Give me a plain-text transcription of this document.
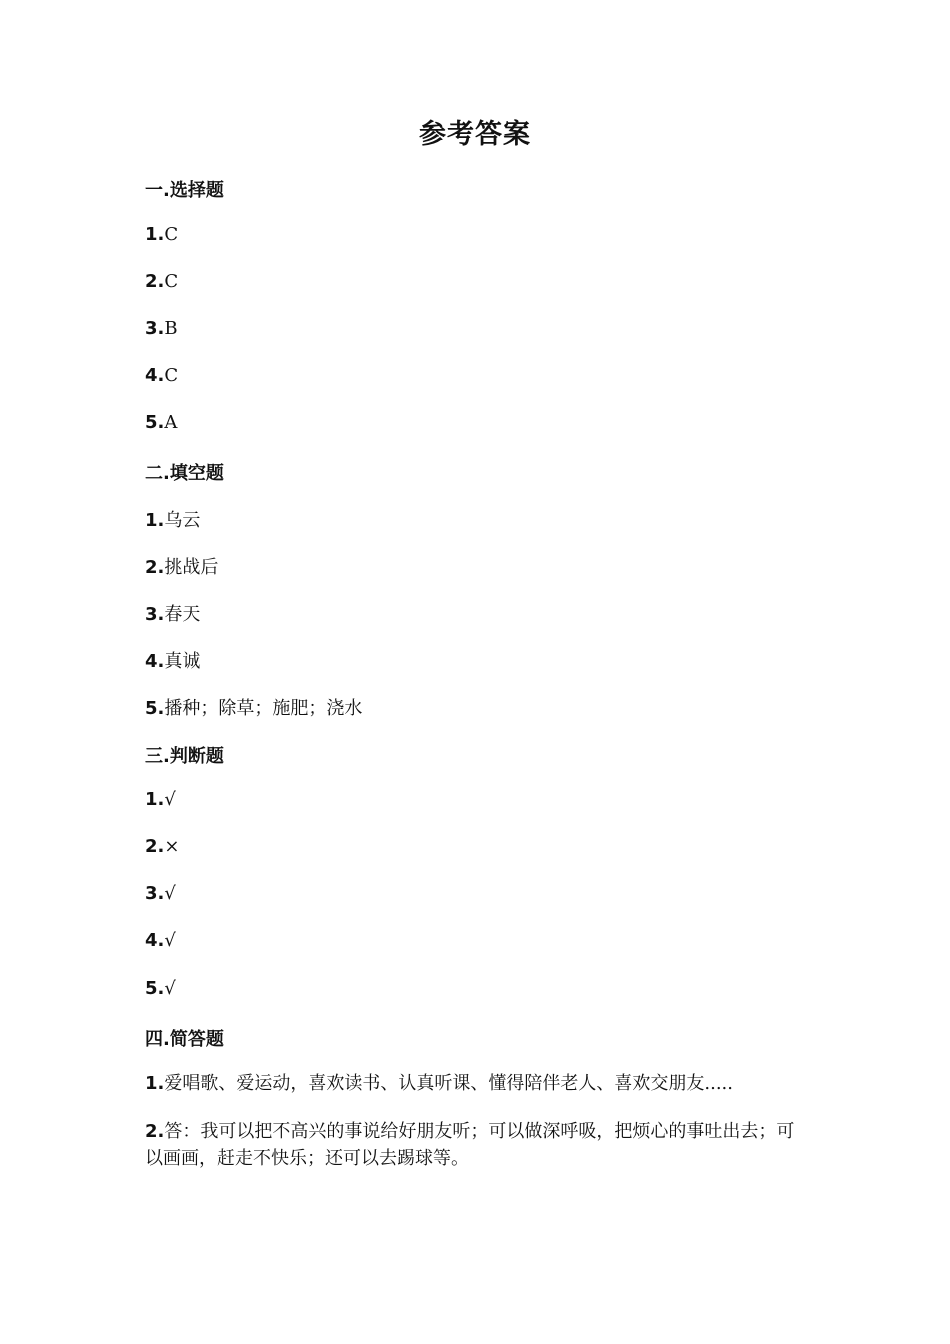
参考答案
一.选择题
1.C
2.C
3.B
4.C
5.A
二.填空题
1.乌云
2.挑战后
3.春天
4.真诚
5.播种；除草；施肥；浇水
三.判断题
1.√
2.×
3.√
4.√
5.√
四.简答题
1.爱唱歌、爱运动，喜欢读书、认真听课、懂得陪伴老人、喜欢交朋友.....
2.答：我可以把不高兴的事说给好朋友听；可以做深呼吸，把烦心的事吐出去；可以画画，赶走不快乐；还可以去踢球等。
